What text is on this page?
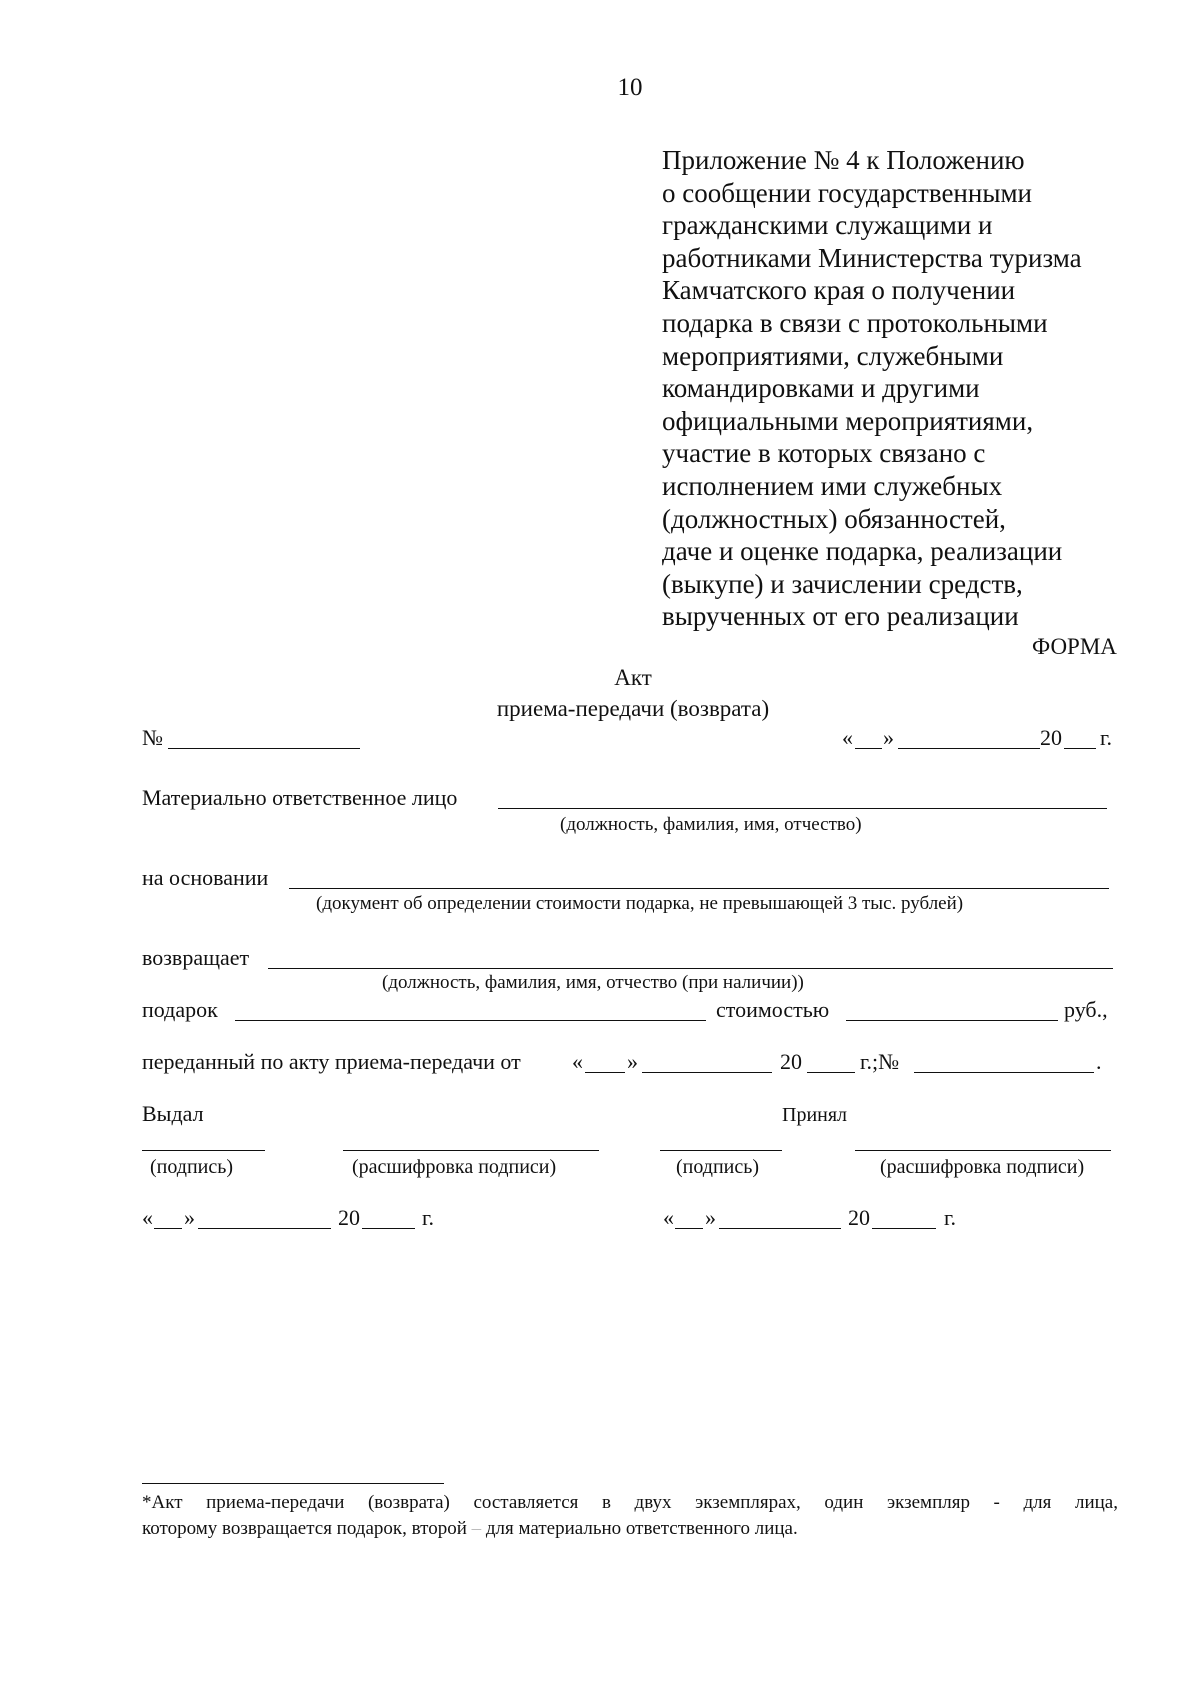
10
Приложение № 4 к Положению
о сообщении государственными
гражданскими служащими и
работниками Министерства туризма
Камчатского края о получении
подарка в связи с протокольными
мероприятиями, служебными
командировками и другими
официальными мероприятиями,
участие в которых связано с
исполнением ими служебных
(должностных) обязанностей,
даче и оценке подарка, реализации
(выкупе) и зачислении средств,
вырученных от его реализации
ФОРМА
Акт
приема-передачи (возврата)
№	« »	20 г.
Материально ответственное лицо
(должность, фамилия, имя, отчество)
на основании
(документ об определении стоимости подарка, не превышающей 3 тыс. рублей)
возвращает
(должность, фамилия, имя, отчество (при наличии))
подарок	стоимостью	руб.,
переданный по акту приема-передачи от « »	20	г.;№	.
Выдал	Принял
(подпись)	(расшифровка подписи)	(подпись)	(расшифровка подписи)
« »	20	г.	« »	20	г.
*Акт приема-передачи (возврата) составляется в двух экземплярах, один экземпляр - для лица,
которому возвращается подарок, второй – для материально ответственного лица.
